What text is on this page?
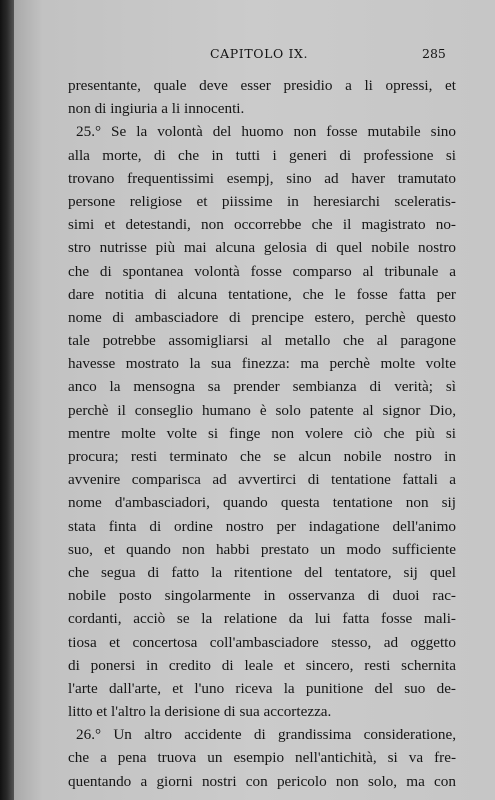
CAPITOLO IX.	285
presentante, quale deve esser presidio a li opressi, et
non di ingiuria a li innocenti.
25.° Se la volontà del huomo non fosse mutabile sino
alla morte, di che in tutti i generi di professione si
trovano frequentissimi esempj, sino ad haver tramutato
persone religiose et piissime in heresiarchi sceleratis-
simi et detestandi, non occorrebbe che il magistrato no-
stro nutrisse più mai alcuna gelosia di quel nobile nostro
che di spontanea volontà fosse comparso al tribunale a
dare notitia di alcuna tentatione, che le fosse fatta per
nome di ambasciadore di prencipe estero, perchè questo
tale potrebbe assomigliarsi al metallo che al paragone
havesse mostrato la sua finezza: ma perchè molte volte
anco la mensogna sa prender sembianza di verità; sì
perchè il conseglio humano è solo patente al signor Dio,
mentre molte volte si finge non volere ciò che più si
procura; resti terminato che se alcun nobile nostro in
avvenire comparisca ad avvertirci di tentatione fattali a
nome d'ambasciadori, quando questa tentatione non sij
stata finta di ordine nostro per indagatione dell'animo
suo, et quando non habbi prestato un modo sufficiente
che segua di fatto la ritentione del tentatore, sij quel
nobile posto singolarmente in osservanza di duoi rac-
cordanti, acciò se la relatione da lui fatta fosse mali-
tiosa et concertosa coll'ambasciadore stesso, ad oggetto
di ponersi in credito di leale et sincero, resti schernita
l'arte dall'arte, et l'uno riceva la punitione del suo de-
litto et l'altro la derisione di sua accortezza.
26.° Un altro accidente di grandissima consideratione,
che a pena truova un esempio nell'antichità, si va fre-
quentando a giorni nostri con pericolo non solo, ma con
